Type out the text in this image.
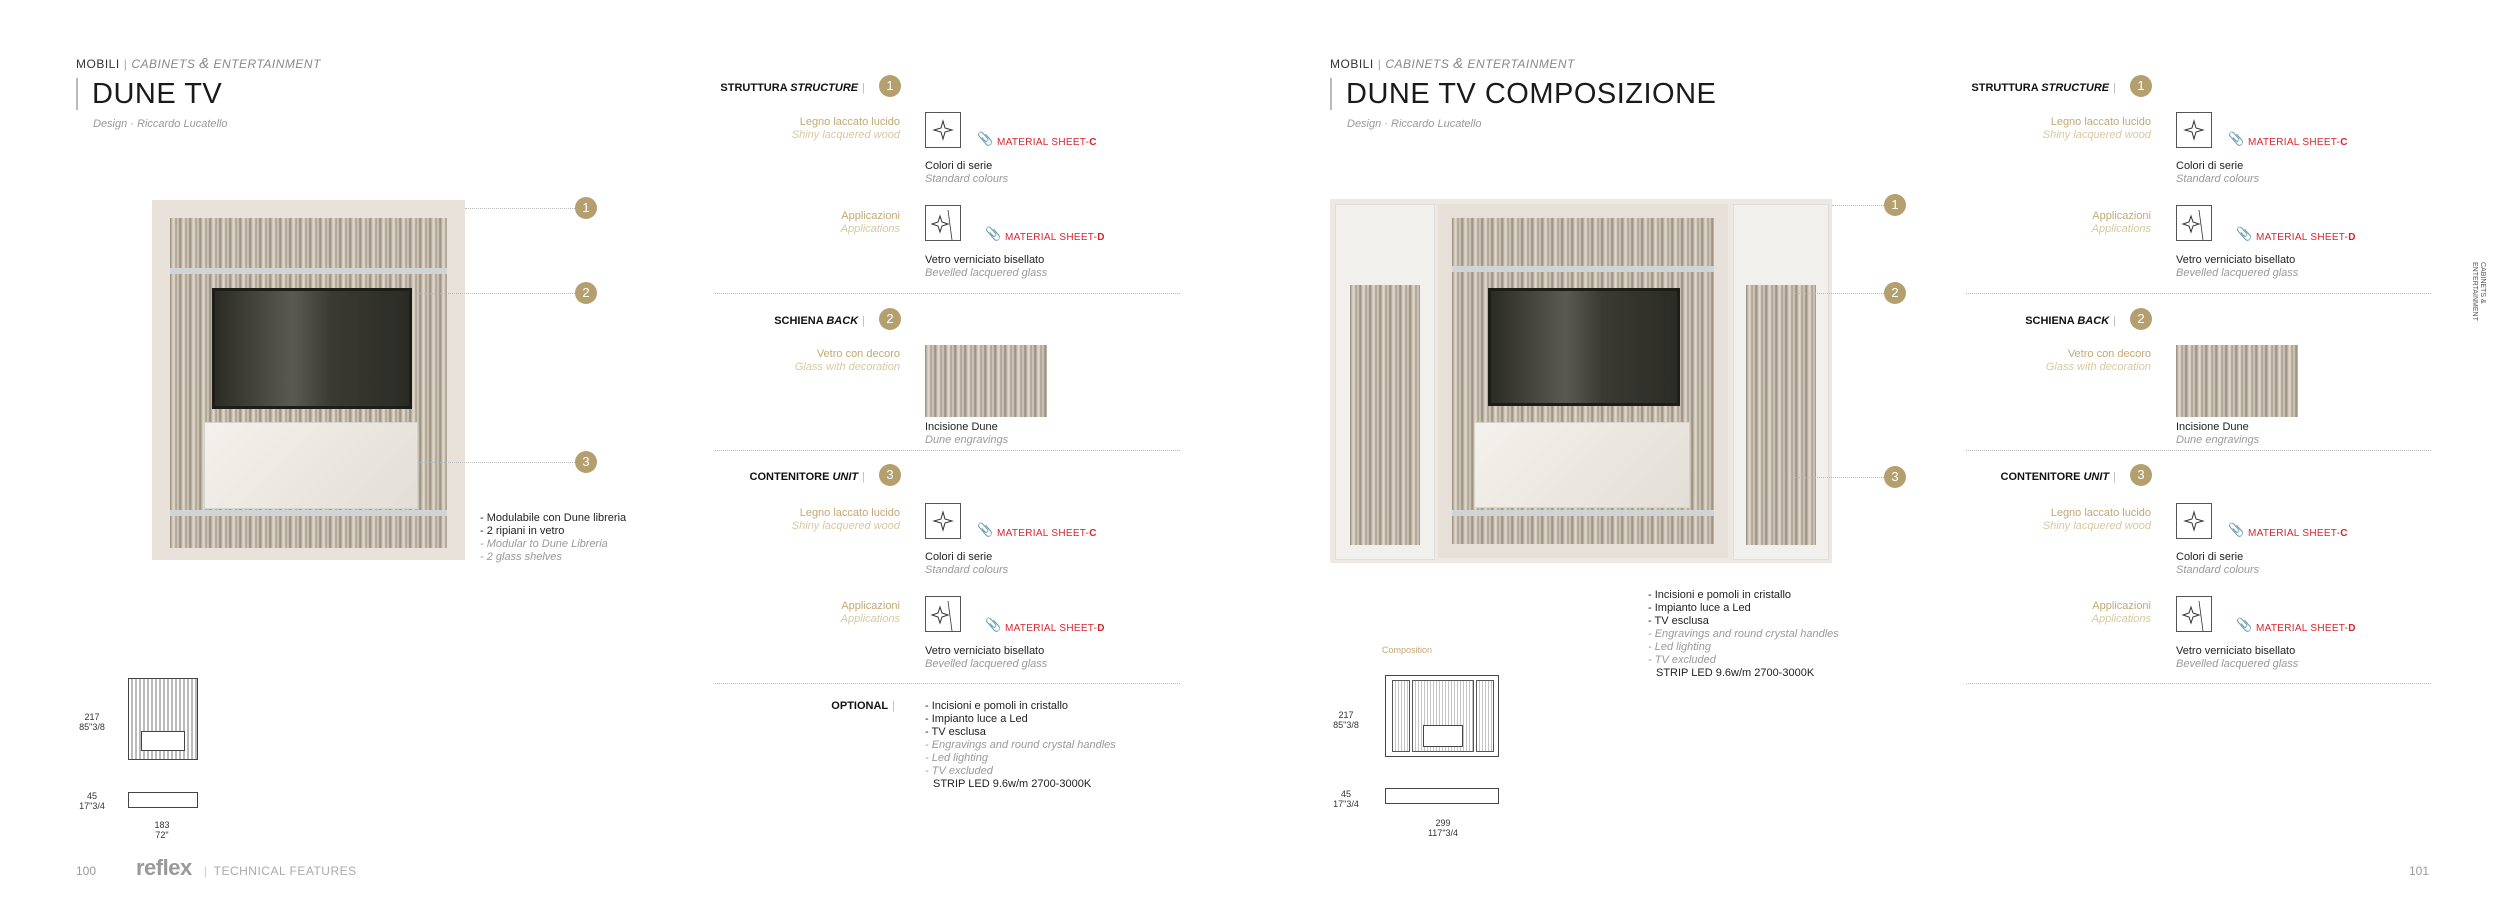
MOBILI | CABINETS & ENTERTAINMENT
DUNE TV
Design · Riccardo Lucatello
1
2
3
- Modulabile con Dune libreria
- 2 ripiani in vetro
- Modular to Dune Libreria
- 2 glass shelves
217
85"3/8
45
17"3/4
183
72"
100 reflex | TECHNICAL FEATURES
STRUTTURA STRUCTURE |	1
Legno laccato lucido
Shiny lacquered wood	📎 MATERIAL SHEET-C
Colori di serie
Standard colours
Applicazioni
Applications	📎 MATERIAL SHEET-D
Vetro verniciato bisellato
Bevelled lacquered glass
SCHIENA BACK |	2
Vetro con decoro
Glass with decoration
Incisione Dune
Dune engravings
CONTENITORE UNIT |	3
Legno laccato lucido
Shiny lacquered wood	📎 MATERIAL SHEET-C
Colori di serie
Standard colours
Applicazioni
Applications	📎 MATERIAL SHEET-D
Vetro verniciato bisellato
Bevelled lacquered glass
OPTIONAL |	- Incisioni e pomoli in cristallo
- Impianto luce a Led
- TV esclusa
- Engravings and round crystal handles
- Led lighting
- TV excluded
STRIP LED 9.6w/m 2700-3000K
MOBILI | CABINETS & ENTERTAINMENT
DUNE TV COMPOSIZIONE
Design · Riccardo Lucatello
1
2
3
- Incisioni e pomoli in cristallo
- Impianto luce a Led
- TV esclusa
- Engravings and round crystal handles
- Led lighting
- TV excluded
STRIP LED 9.6w/m 2700-3000K
Composition
217
85"3/8
45
17"3/4
299
117"3/4
STRUTTURA STRUCTURE |	1
Legno laccato lucido
Shiny lacquered wood	📎 MATERIAL SHEET-C
Colori di serie
Standard colours
Applicazioni
Applications	📎 MATERIAL SHEET-D
Vetro verniciato bisellato
Bevelled lacquered glass
SCHIENA BACK |	2
Vetro con decoro
Glass with decoration
Incisione Dune
Dune engravings
CONTENITORE UNIT |	3
Legno laccato lucido
Shiny lacquered wood	📎 MATERIAL SHEET-C
Colori di serie
Standard colours
Applicazioni
Applications	📎 MATERIAL SHEET-D
Vetro verniciato bisellato
Bevelled lacquered glass
CABINETS & ENTERTAINMENT
101
